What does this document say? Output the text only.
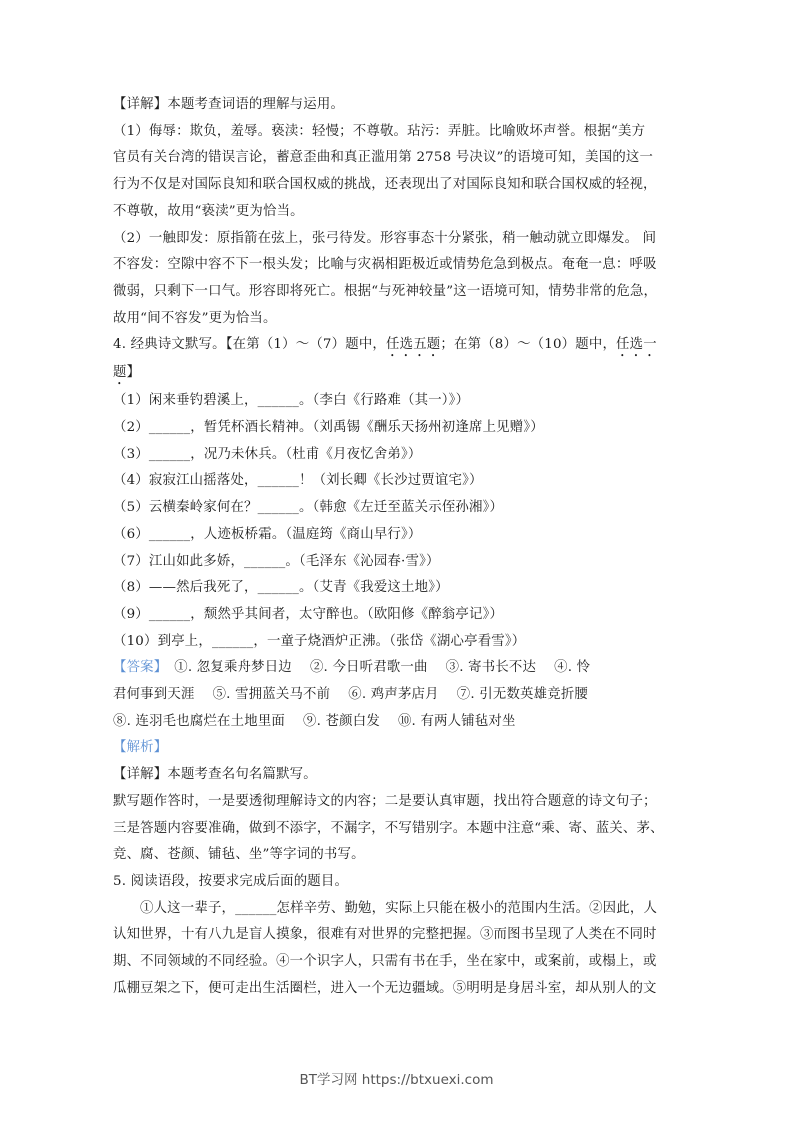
【详解】本题考查词语的理解与运用。
（1）侮辱：欺负，羞辱。亵渎：轻慢；不尊敬。玷污：弄脏。比喻败坏声誉。根据“美方
官员有关台湾的错误言论，蓄意歪曲和真正滥用第 2758 号决议”的语境可知，美国的这一
行为不仅是对国际良知和联合国权威的挑战，还表现出了对国际良知和联合国权威的轻视，
不尊敬，故用“亵渎”更为恰当。
（2）一触即发：原指箭在弦上，张弓待发。形容事态十分紧张，稍一触动就立即爆发。 间
不容发：空隙中容不下一根头发；比喻与灾祸相距极近或情势危急到极点。奄奄一息：呼吸
微弱，只剩下一口气。形容即将死亡。根据“与死神较量”这一语境可知，情势非常的危急，
故用“间不容发”更为恰当。
4. 经典诗文默写。【在第（1）～（7）题中，任选五题；在第（8）～（10）题中，任选一
题】
（1）闲来垂钓碧溪上，______。（李白《行路难（其一）》）
（2）______，暂凭杯酒长精神。（刘禹锡《酬乐天扬州初逢席上见赠》）
（3）______，况乃未休兵。（杜甫《月夜忆舍弟》）
（4）寂寂江山摇落处，______！（刘长卿《长沙过贾谊宅》）
（5）云横秦岭家何在？______。（韩愈《左迁至蓝关示侄孙湘》）
（6）______，人迹板桥霜。（温庭筠《商山早行》）
（7）江山如此多娇，______。（毛泽东《沁园春·雪》）
（8）——然后我死了，______。（艾青《我爱这土地》）
（9）______，颓然乎其间者，太守醉也。（欧阳修《醉翁亭记》）
（10）到亭上，______，一童子烧酒炉正沸。（张岱《湖心亭看雪》）
【答案】　①. 忽复乘舟梦日边　 ②. 今日听君歌一曲　 ③. 寄书长不达　 ④. 怜
君何事到天涯　 ⑤. 雪拥蓝关马不前　 ⑥. 鸡声茅店月　 ⑦. 引无数英雄竞折腰
⑧. 连羽毛也腐烂在土地里面　 ⑨. 苍颜白发　 ⑩. 有两人铺毡对坐
【解析】
【详解】本题考查名句名篇默写。
默写题作答时，一是要透彻理解诗文的内容；二是要认真审题，找出符合题意的诗文句子；
三是答题内容要准确，做到不添字，不漏字，不写错别字。本题中注意“乘、寄、蓝关、茅、
竞、腐、苍颜、铺毡、坐”等字词的书写。
5. 阅读语段，按要求完成后面的题目。
①人这一辈子，______怎样辛劳、勤勉，实际上只能在极小的范围内生活。②因此，人
认知世界，十有八九是盲人摸象，很难有对世界的完整把握。③而图书呈现了人类在不同时
期、不同领域的不同经验。④一个识字人，只需有书在手，坐在家中，或案前，或榻上，或
瓜棚豆架之下，便可走出生活圈栏，进入一个无边疆域。⑤明明是身居斗室，却从别人的文
BT学习网 https://btxuexi.com
